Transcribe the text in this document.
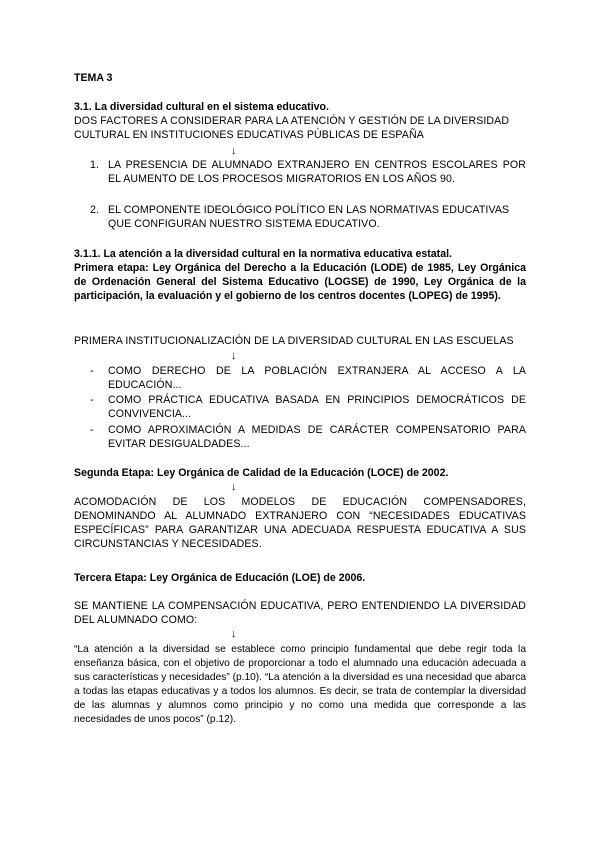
TEMA 3
3.1. La diversidad cultural en el sistema educativo.
DOS FACTORES A CONSIDERAR PARA LA ATENCIÓN Y GESTIÓN DE LA DIVERSIDAD CULTURAL EN INSTITUCIONES EDUCATIVAS PÚBLICAS DE ESPAÑA
↓
1. LA PRESENCIA DE ALUMNADO EXTRANJERO EN CENTROS ESCOLARES POR EL AUMENTO DE LOS PROCESOS MIGRATORIOS EN LOS AÑOS 90.
2. EL COMPONENTE IDEOLÓGICO POLÍTICO EN LAS NORMATIVAS EDUCATIVAS QUE CONFIGURAN NUESTRO SISTEMA EDUCATIVO.
3.1.1. La atención a la diversidad cultural en la normativa educativa estatal.
Primera etapa: Ley Orgánica del Derecho a la Educación (LODE) de 1985, Ley Orgánica de Ordenación General del Sistema Educativo (LOGSE) de 1990, Ley Orgánica de la participación, la evaluación y el gobierno de los centros docentes (LOPEG) de 1995).
PRIMERA INSTITUCIONALIZACIÓN DE LA DIVERSIDAD CULTURAL EN LAS ESCUELAS
↓
- COMO DERECHO DE LA POBLACIÓN EXTRANJERA AL ACCESO A LA EDUCACIÓN...
- COMO PRÁCTICA EDUCATIVA BASADA EN PRINCIPIOS DEMOCRÁTICOS DE CONVIVENCIA...
- COMO APROXIMACIÓN A MEDIDAS DE CARÁCTER COMPENSATORIO PARA EVITAR DESIGUALDADES...
Segunda Etapa: Ley Orgánica de Calidad de la Educación (LOCE) de 2002.
↓
ACOMODACIÓN DE LOS MODELOS DE EDUCACIÓN COMPENSADORES, DENOMINANDO AL ALUMNADO EXTRANJERO CON “NECESIDADES EDUCATIVAS ESPECÍFICAS” PARA GARANTIZAR UNA ADECUADA RESPUESTA EDUCATIVA A SUS CIRCUNSTANCIAS Y NECESIDADES.
Tercera Etapa: Ley Orgánica de Educación (LOE) de 2006.
SE MANTIENE LA COMPENSACIÓN EDUCATIVA, PERO ENTENDIENDO LA DIVERSIDAD DEL ALUMNADO COMO:
↓
“La atención a la diversidad se establece como principio fundamental que debe regir toda la enseñanza básica, con el objetivo de proporcionar a todo el alumnado una educación adecuada a sus características y necesidades” (p.10). “La atención a la diversidad es una necesidad que abarca a todas las etapas educativas y a todos los alumnos. Es decir, se trata de contemplar la diversidad de las alumnas y alumnos como principio y no como una medida que corresponde a las necesidades de unos pocos” (p.12).
